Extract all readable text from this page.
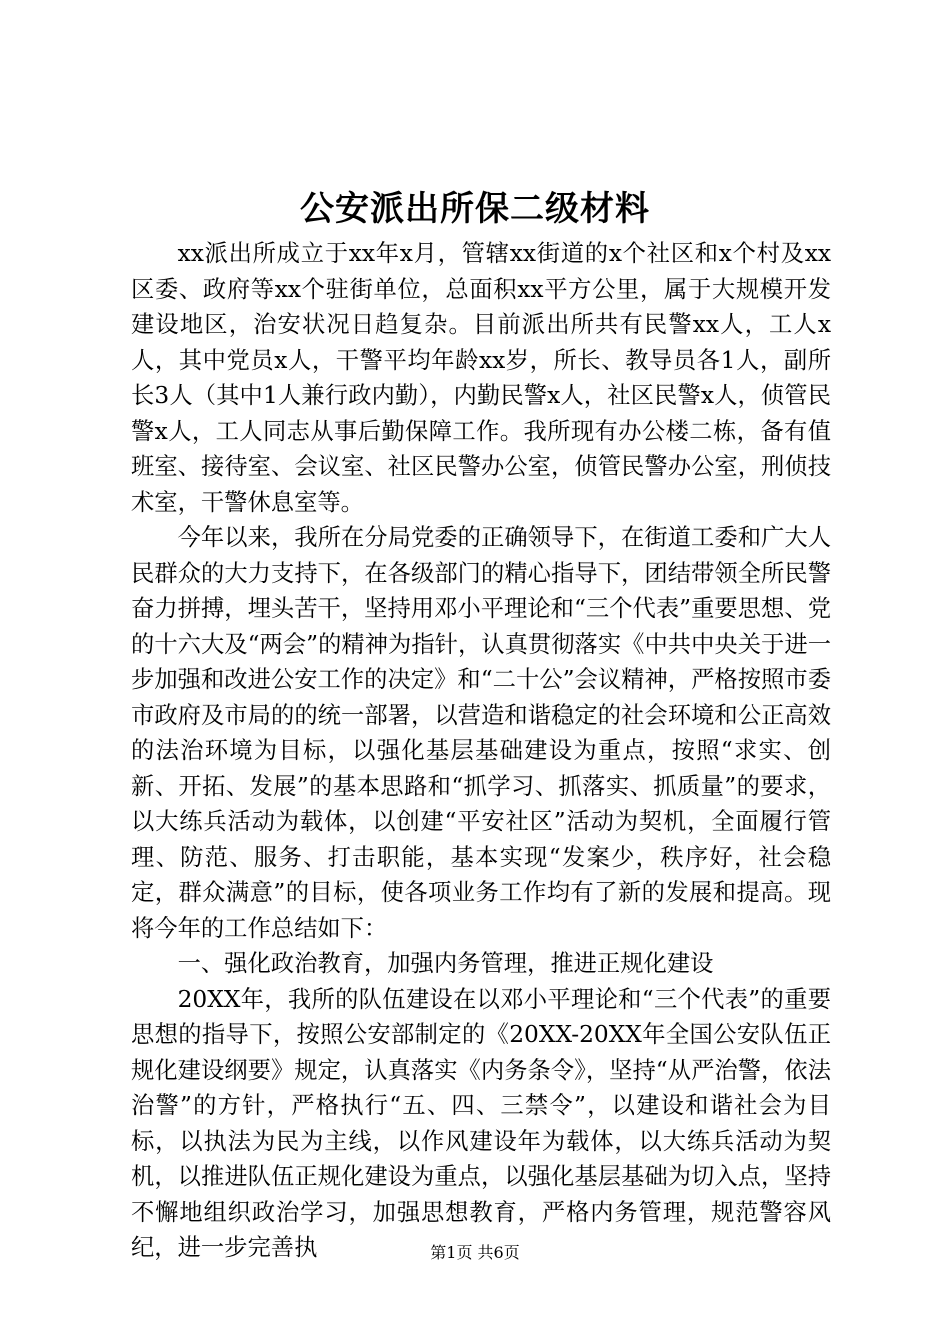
公安派出所保二级材料

xx派出所成立于xx年x月，管辖xx街道的x个社区和x个村及xx区委、政府等xx个驻街单位，总面积xx平方公里，属于大规模开发建设地区，治安状况日趋复杂。目前派出所共有民警xx人，工人x人，其中党员x人，干警平均年龄xx岁，所长、教导员各1人，副所长3人（其中1人兼行政内勤），内勤民警x人，社区民警x人，侦管民警x人，工人同志从事后勤保障工作。我所现有办公楼二栋，备有值班室、接待室、会议室、社区民警办公室，侦管民警办公室，刑侦技术室，干警休息室等。

今年以来，我所在分局党委的正确领导下，在街道工委和广大人民群众的大力支持下，在各级部门的精心指导下，团结带领全所民警奋力拼搏，埋头苦干，坚持用邓小平理论和“三个代表”重要思想、党的十六大及“两会”的精神为指针，认真贯彻落实《中共中央关于进一步加强和改进公安工作的决定》和“二十公”会议精神，严格按照市委市政府及市局的的统一部署，以营造和谐稳定的社会环境和公正高效的法治环境为目标，以强化基层基础建设为重点，按照“求实、创新、开拓、发展”的基本思路和“抓学习、抓落实、抓质量”的要求，以大练兵活动为载体，以创建“平安社区”活动为契机，全面履行管理、防范、服务、打击职能，基本实现“发案少，秩序好，社会稳定，群众满意”的目标，使各项业务工作均有了新的发展和提高。现将今年的工作总结如下：

一、强化政治教育，加强内务管理，推进正规化建设

20XX年，我所的队伍建设在以邓小平理论和“三个代表”的重要思想的指导下，按照公安部制定的《20XX-20XX年全国公安队伍正规化建设纲要》规定，认真落实《内务条令》，坚持“从严治警，依法治警”的方针，严格执行“五、四、三禁令”，以建设和谐社会为目标，以执法为民为主线，以作风建设年为载体，以大练兵活动为契机，以推进队伍正规化建设为重点，以强化基层基础为切入点，坚持不懈地组织政治学习，加强思想教育，严格内务管理，规范警容风纪，进一步完善执	第1页 共6页
